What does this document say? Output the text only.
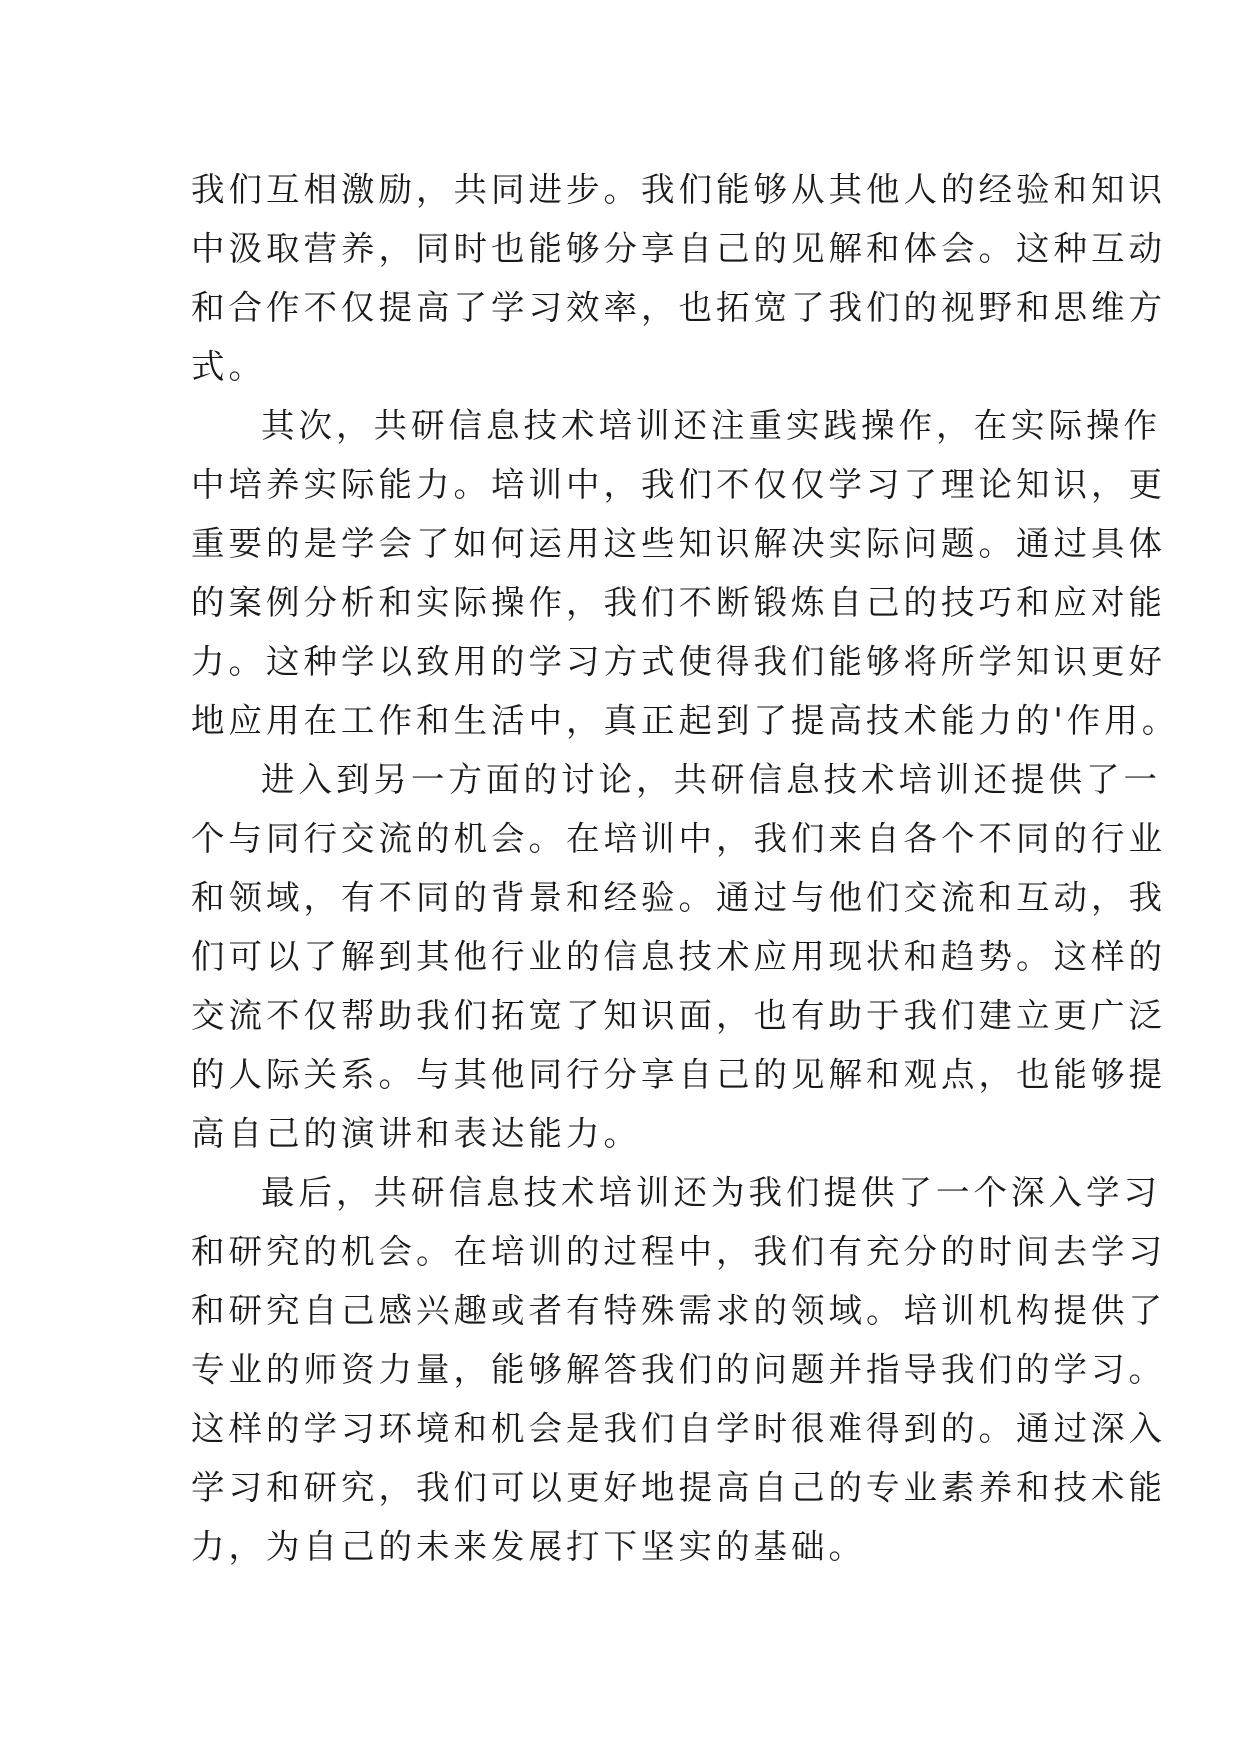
我们互相激励，共同进步。我们能够从其他人的经验和知识
中汲取营养，同时也能够分享自己的见解和体会。这种互动
和合作不仅提高了学习效率，也拓宽了我们的视野和思维方
式。
其次，共研信息技术培训还注重实践操作，在实际操作
中培养实际能力。培训中，我们不仅仅学习了理论知识，更
重要的是学会了如何运用这些知识解决实际问题。通过具体
的案例分析和实际操作，我们不断锻炼自己的技巧和应对能
力。这种学以致用的学习方式使得我们能够将所学知识更好
地应用在工作和生活中，真正起到了提高技术能力的'作用。
进入到另一方面的讨论，共研信息技术培训还提供了一
个与同行交流的机会。在培训中，我们来自各个不同的行业
和领域，有不同的背景和经验。通过与他们交流和互动，我
们可以了解到其他行业的信息技术应用现状和趋势。这样的
交流不仅帮助我们拓宽了知识面，也有助于我们建立更广泛
的人际关系。与其他同行分享自己的见解和观点，也能够提
高自己的演讲和表达能力。
最后，共研信息技术培训还为我们提供了一个深入学习
和研究的机会。在培训的过程中，我们有充分的时间去学习
和研究自己感兴趣或者有特殊需求的领域。培训机构提供了
专业的师资力量，能够解答我们的问题并指导我们的学习。
这样的学习环境和机会是我们自学时很难得到的。通过深入
学习和研究，我们可以更好地提高自己的专业素养和技术能
力，为自己的未来发展打下坚实的基础。
